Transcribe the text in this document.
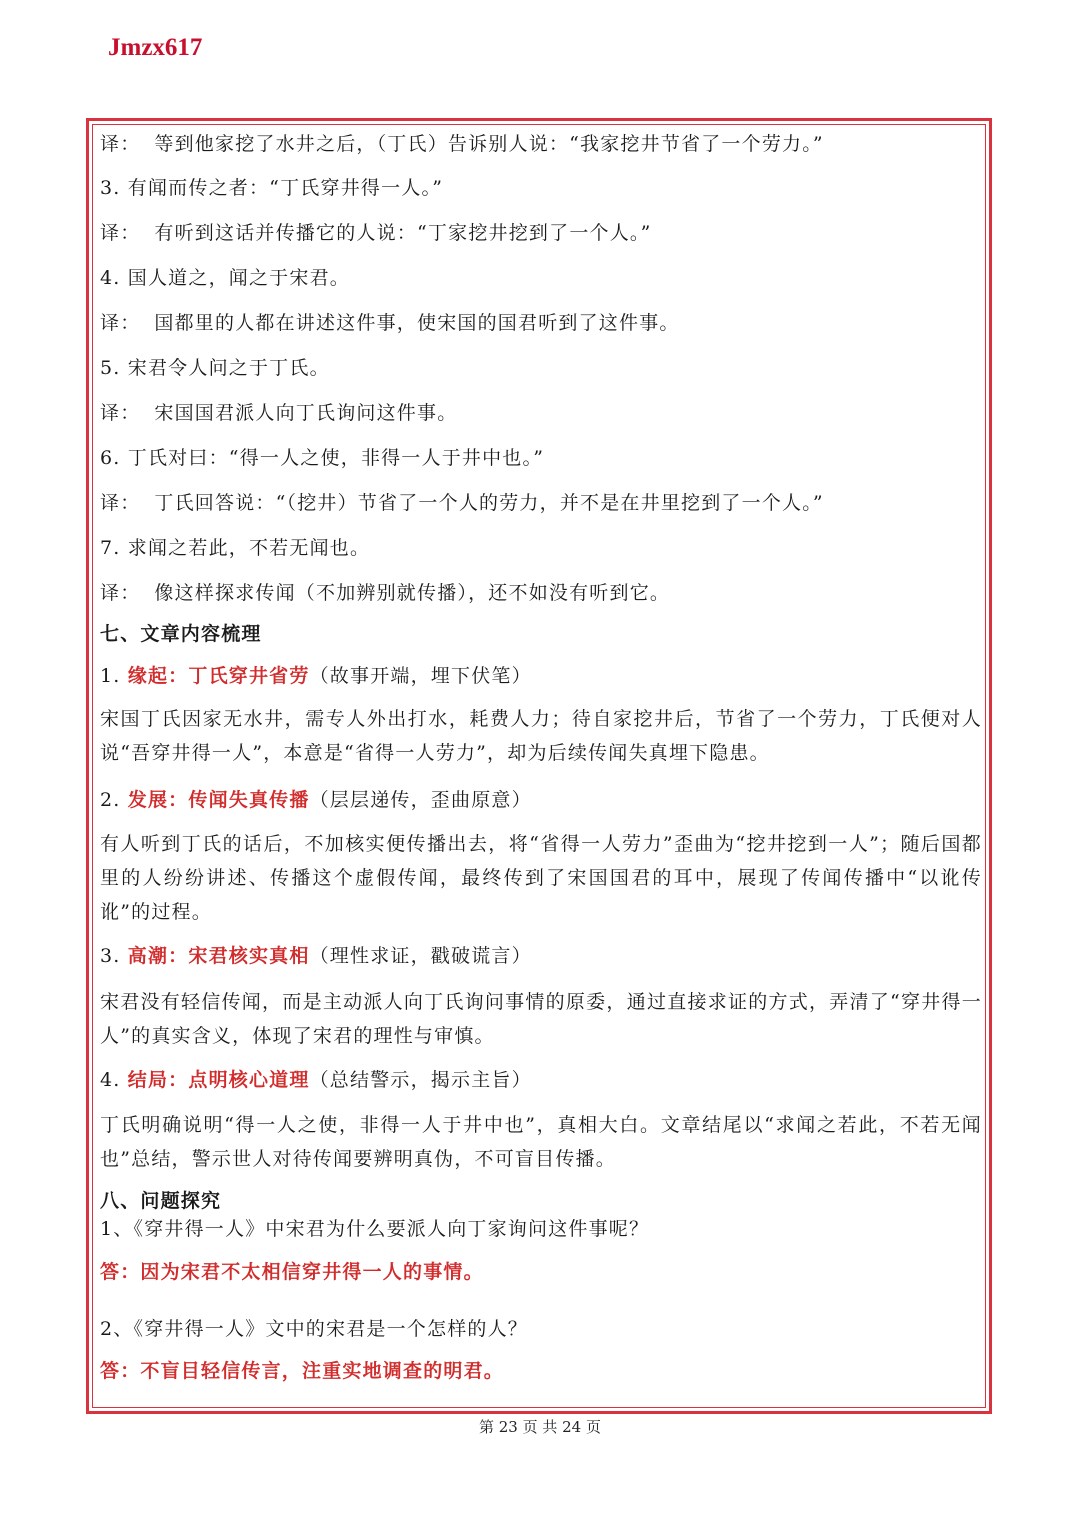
Jmzx617
译： 等到他家挖了水井之后，（丁氏）告诉别人说：“我家挖井节省了一个劳力。”
3. 有闻而传之者：“丁氏穿井得一人。”
译： 有听到这话并传播它的人说：“丁家挖井挖到了一个人。”
4. 国人道之，闻之于宋君。
译： 国都里的人都在讲述这件事，使宋国的国君听到了这件事。
5. 宋君令人问之于丁氏。
译： 宋国国君派人向丁氏询问这件事。
6. 丁氏对曰：“得一人之使，非得一人于井中也。”
译： 丁氏回答说：“（挖井）节省了一个人的劳力，并不是在井里挖到了一个人。”
7. 求闻之若此，不若无闻也。
译： 像这样探求传闻（不加辨别就传播），还不如没有听到它。
七、文章内容梳理
1. 缘起：丁氏穿井省劳（故事开端，埋下伏笔）
宋国丁氏因家无水井，需专人外出打水，耗费人力；待自家挖井后，节省了一个劳力，丁氏便对人说“吾穿井得一人”，本意是“省得一人劳力”，却为后续传闻失真埋下隐患。
2. 发展：传闻失真传播（层层递传，歪曲原意）
有人听到丁氏的话后，不加核实便传播出去，将“省得一人劳力”歪曲为“挖井挖到一人”；随后国都里的人纷纷讲述、传播这个虚假传闻，最终传到了宋国国君的耳中，展现了传闻传播中“以讹传讹”的过程。
3. 高潮：宋君核实真相（理性求证，戳破谎言）
宋君没有轻信传闻，而是主动派人向丁氏询问事情的原委，通过直接求证的方式，弄清了“穿井得一人”的真实含义，体现了宋君的理性与审慎。
4. 结局：点明核心道理（总结警示，揭示主旨）
丁氏明确说明“得一人之使，非得一人于井中也”，真相大白。文章结尾以“求闻之若此，不若无闻也”总结，警示世人对待传闻要辨明真伪，不可盲目传播。
八、问题探究
1、《穿井得一人》中宋君为什么要派人向丁家询问这件事呢？
答：因为宋君不太相信穿井得一人的事情。
2、《穿井得一人》文中的宋君是一个怎样的人？
答：不盲目轻信传言，注重实地调查的明君。
第 23 页 共 24 页
